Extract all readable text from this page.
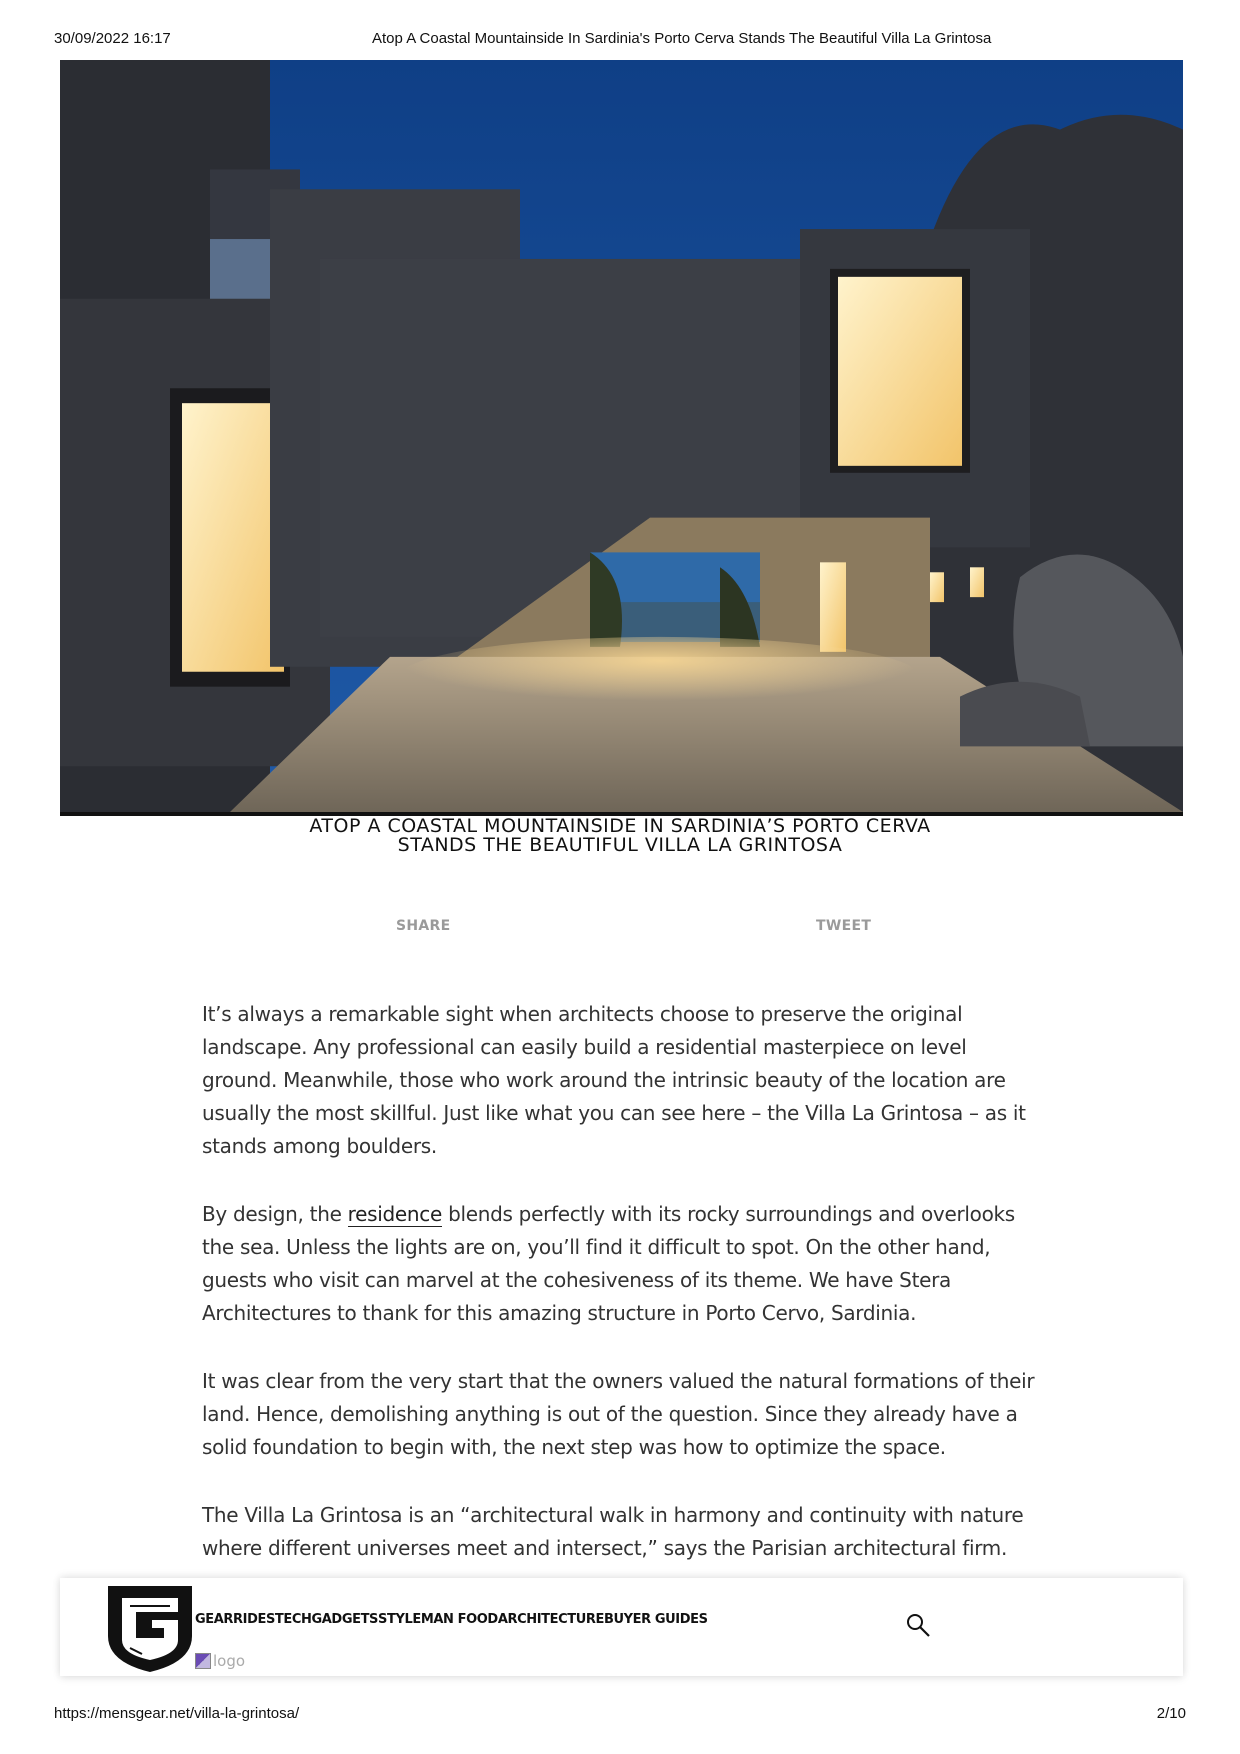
30/09/2022 16:17	Atop A Coastal Mountainside In Sardinia's Porto Cerva Stands The Beautiful Villa La Grintosa
ATOP A COASTAL MOUNTAINSIDE IN SARDINIA’S PORTO CERVA
STANDS THE BEAUTIFUL VILLA LA GRINTOSA
SHARE	TWEET

It’s always a remarkable sight when architects choose to preserve the original landscape. Any professional can easily build a residential masterpiece on level ground. Meanwhile, those who work around the intrinsic beauty of the location are usually the most skillful. Just like what you can see here – the Villa La Grintosa – as it stands among boulders.

By design, the residence blends perfectly with its rocky surroundings and overlooks the sea. Unless the lights are on, you’ll find it difficult to spot. On the other hand, guests who visit can marvel at the cohesiveness of its theme. We have Stera Architectures to thank for this amazing structure in Porto Cervo, Sardinia.

It was clear from the very start that the owners valued the natural formations of their land. Hence, demolishing anything is out of the question. Since they already have a solid foundation to begin with, the next step was how to optimize the space.

The Villa La Grintosa is an “architectural walk in harmony and continuity with nature where different universes meet and intersect,” says the Parisian architectural firm.

GEAR RIDES TECH GADGETS STYLE MAN FOOD ARCHITECTURE BUYER GUIDES
logo
https://mensgear.net/villa-la-grintosa/	2/10
